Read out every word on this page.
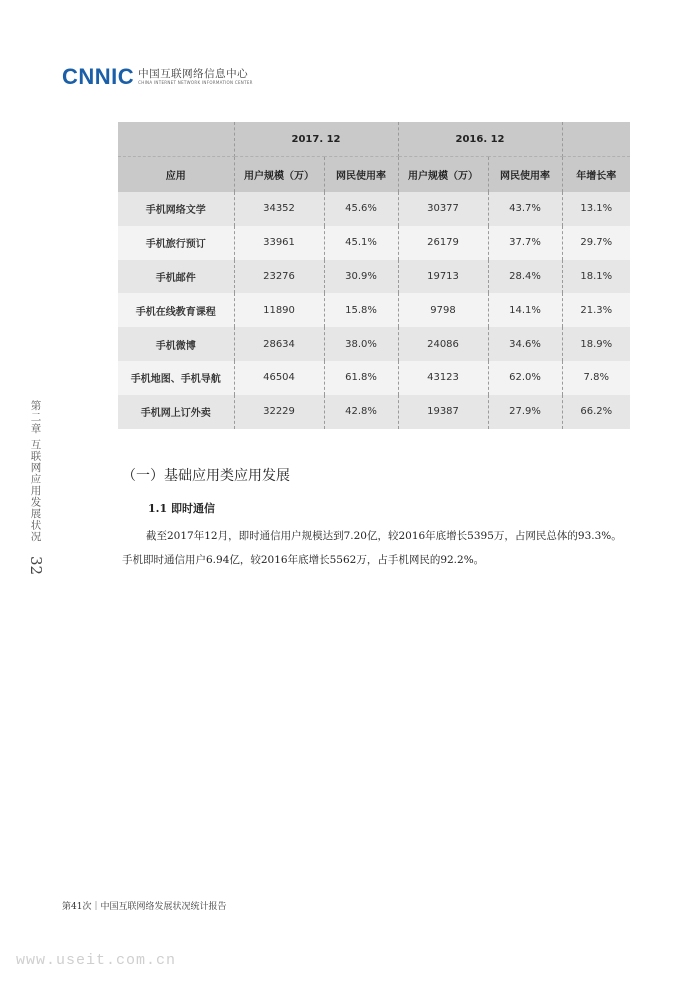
CNNIC 中国互联网络信息中心
CHINA INTERNET NETWORK INFORMATION CENTER
	2017. 12		2016. 12		
应用	用户规模（万）	网民使用率	用户规模（万）	网民使用率	年增长率
手机网络文学	34352	45.6%	30377	43.7%	13.1%
手机旅行预订	33961	45.1%	26179	37.7%	29.7%
手机邮件	23276	30.9%	19713	28.4%	18.1%
手机在线教育课程	11890	15.8%	9798	14.1%	21.3%
手机微博	28634	38.0%	24086	34.6%	18.9%
手机地图、手机导航	46504	61.8%	43123	62.0%	7.8%
手机网上订外卖	32229	42.8%	19387	27.9%	66.2%
（一）基础应用类应用发展
1.1 即时通信
截至2017年12月，即时通信用户规模达到7.20亿，较2016年底增长5395万，占网民总体的93.3%。手机即时通信用户6.94亿，较2016年底增长5562万，占手机网民的92.2%。
第二章 互联网应用发展状况
32
第41次｜中国互联网络发展状况统计报告
www.useit.com.cn
